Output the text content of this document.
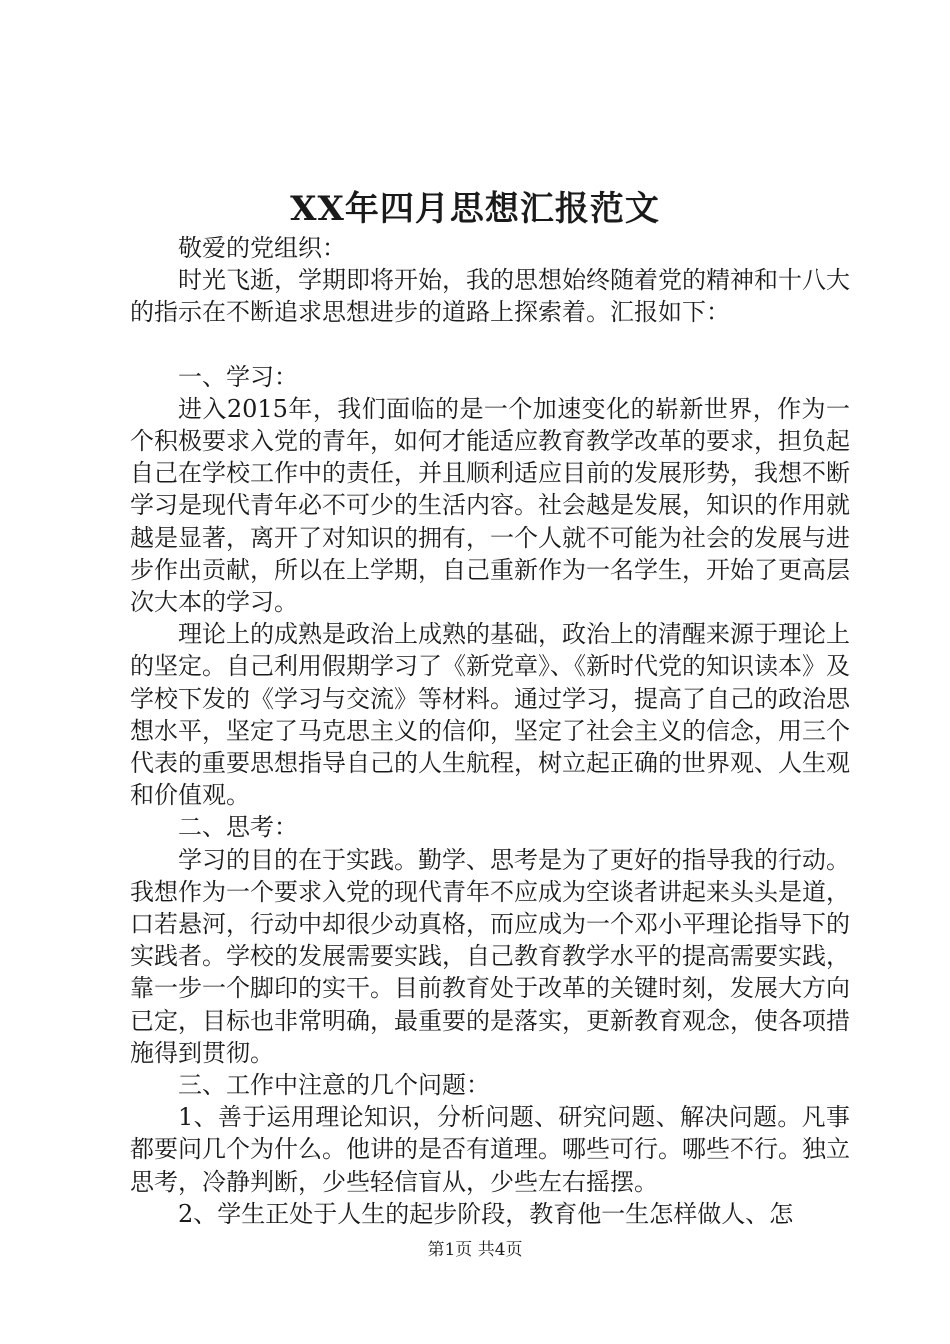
XX年四月思想汇报范文

敬爱的党组织：

时光飞逝，学期即将开始，我的思想始终随着党的精神和十八大的指示在不断追求思想进步的道路上探索着。汇报如下：

一、学习：

进入2015年，我们面临的是一个加速变化的崭新世界，作为一个积极要求入党的青年，如何才能适应教育教学改革的要求，担负起自己在学校工作中的责任，并且顺利适应目前的发展形势，我想不断学习是现代青年必不可少的生活内容。社会越是发展，知识的作用就越是显著，离开了对知识的拥有，一个人就不可能为社会的发展与进步作出贡献，所以在上学期，自己重新作为一名学生，开始了更高层次大本的学习。

理论上的成熟是政治上成熟的基础，政治上的清醒来源于理论上的坚定。自己利用假期学习了《新党章》、《新时代党的知识读本》及学校下发的《学习与交流》等材料。通过学习，提高了自己的政治思想水平，坚定了马克思主义的信仰，坚定了社会主义的信念，用三个代表的重要思想指导自己的人生航程，树立起正确的世界观、人生观和价值观。

二、思考：

学习的目的在于实践。勤学、思考是为了更好的指导我的行动。我想作为一个要求入党的现代青年不应成为空谈者讲起来头头是道，口若悬河，行动中却很少动真格，而应成为一个邓小平理论指导下的实践者。学校的发展需要实践，自己教育教学水平的提高需要实践，靠一步一个脚印的实干。目前教育处于改革的关键时刻，发展大方向已定，目标也非常明确，最重要的是落实，更新教育观念，使各项措施得到贯彻。

三、工作中注意的几个问题：

1、善于运用理论知识，分析问题、研究问题、解决问题。凡事都要问几个为什么。他讲的是否有道理。哪些可行。哪些不行。独立思考，冷静判断，少些轻信盲从，少些左右摇摆。

2、学生正处于人生的起步阶段，教育他一生怎样做人、怎

第1页 共4页
